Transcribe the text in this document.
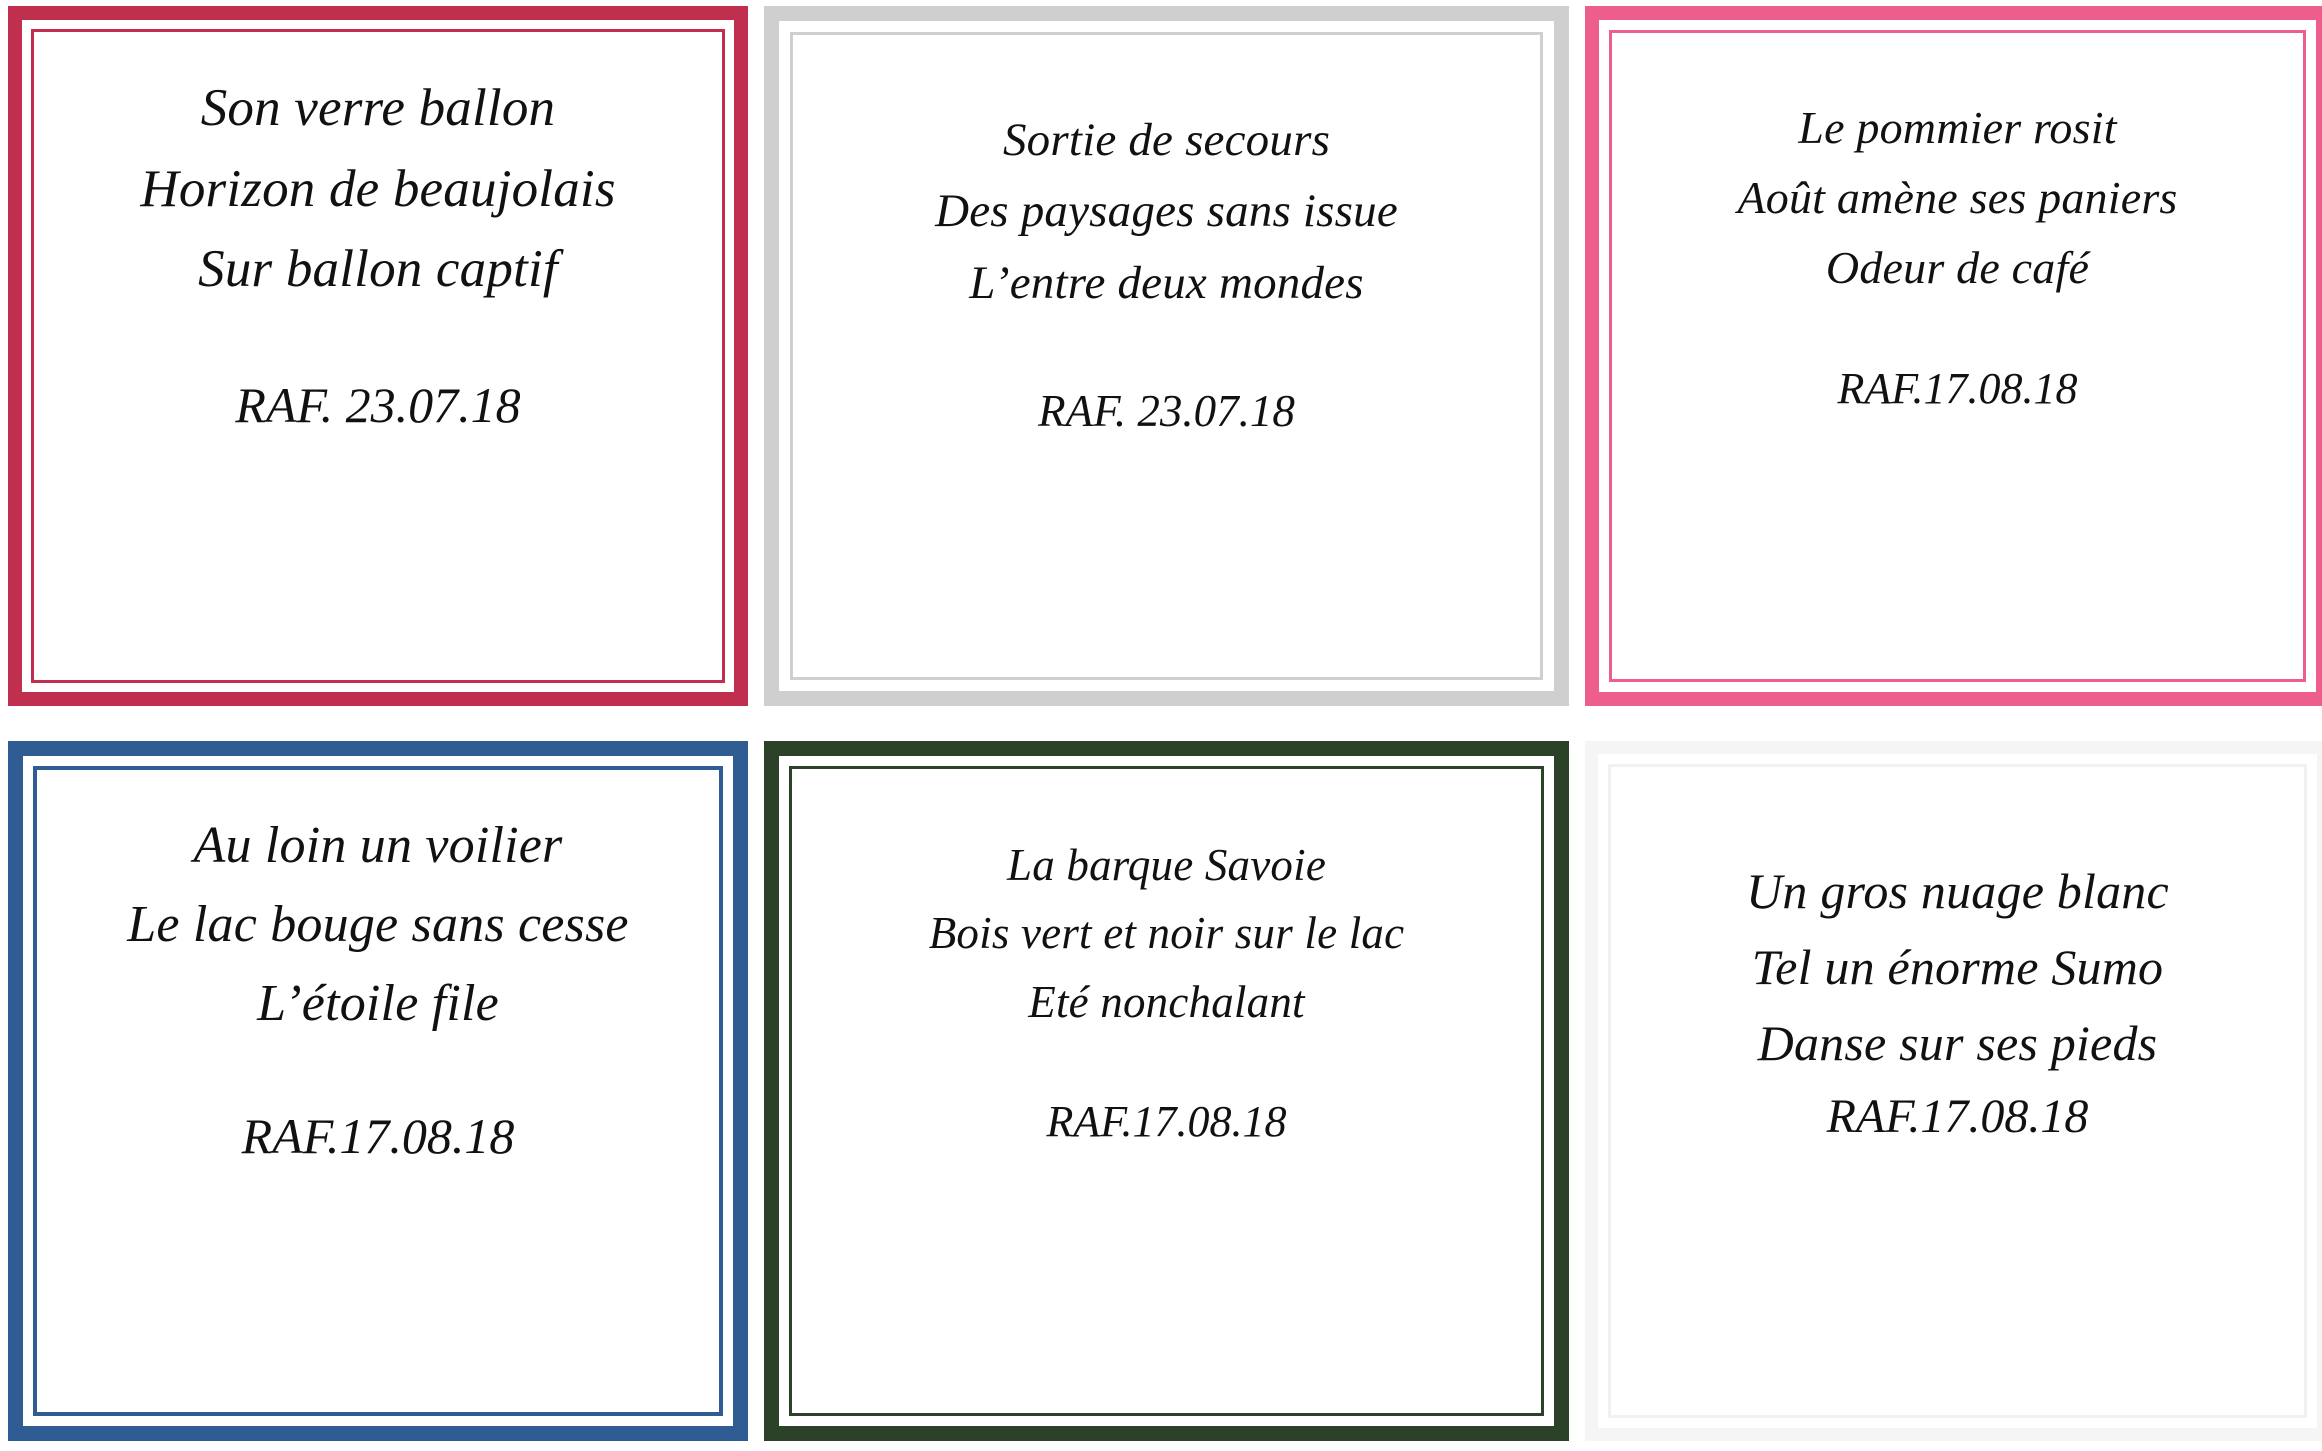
Son verre ballon
Horizon de beaujolais
Sur ballon captif
RAF. 23.07.18
Sortie de secours
Des paysages sans issue
L’entre deux mondes
RAF. 23.07.18
Le pommier rosit
Août amène ses paniers
Odeur de café
RAF.17.08.18
Au loin un voilier
Le lac bouge sans cesse
L’étoile file
RAF.17.08.18
La barque Savoie
Bois vert et noir sur le lac
Eté nonchalant
RAF.17.08.18
Un gros nuage blanc
Tel un énorme Sumo
Danse sur ses pieds
RAF.17.08.18
